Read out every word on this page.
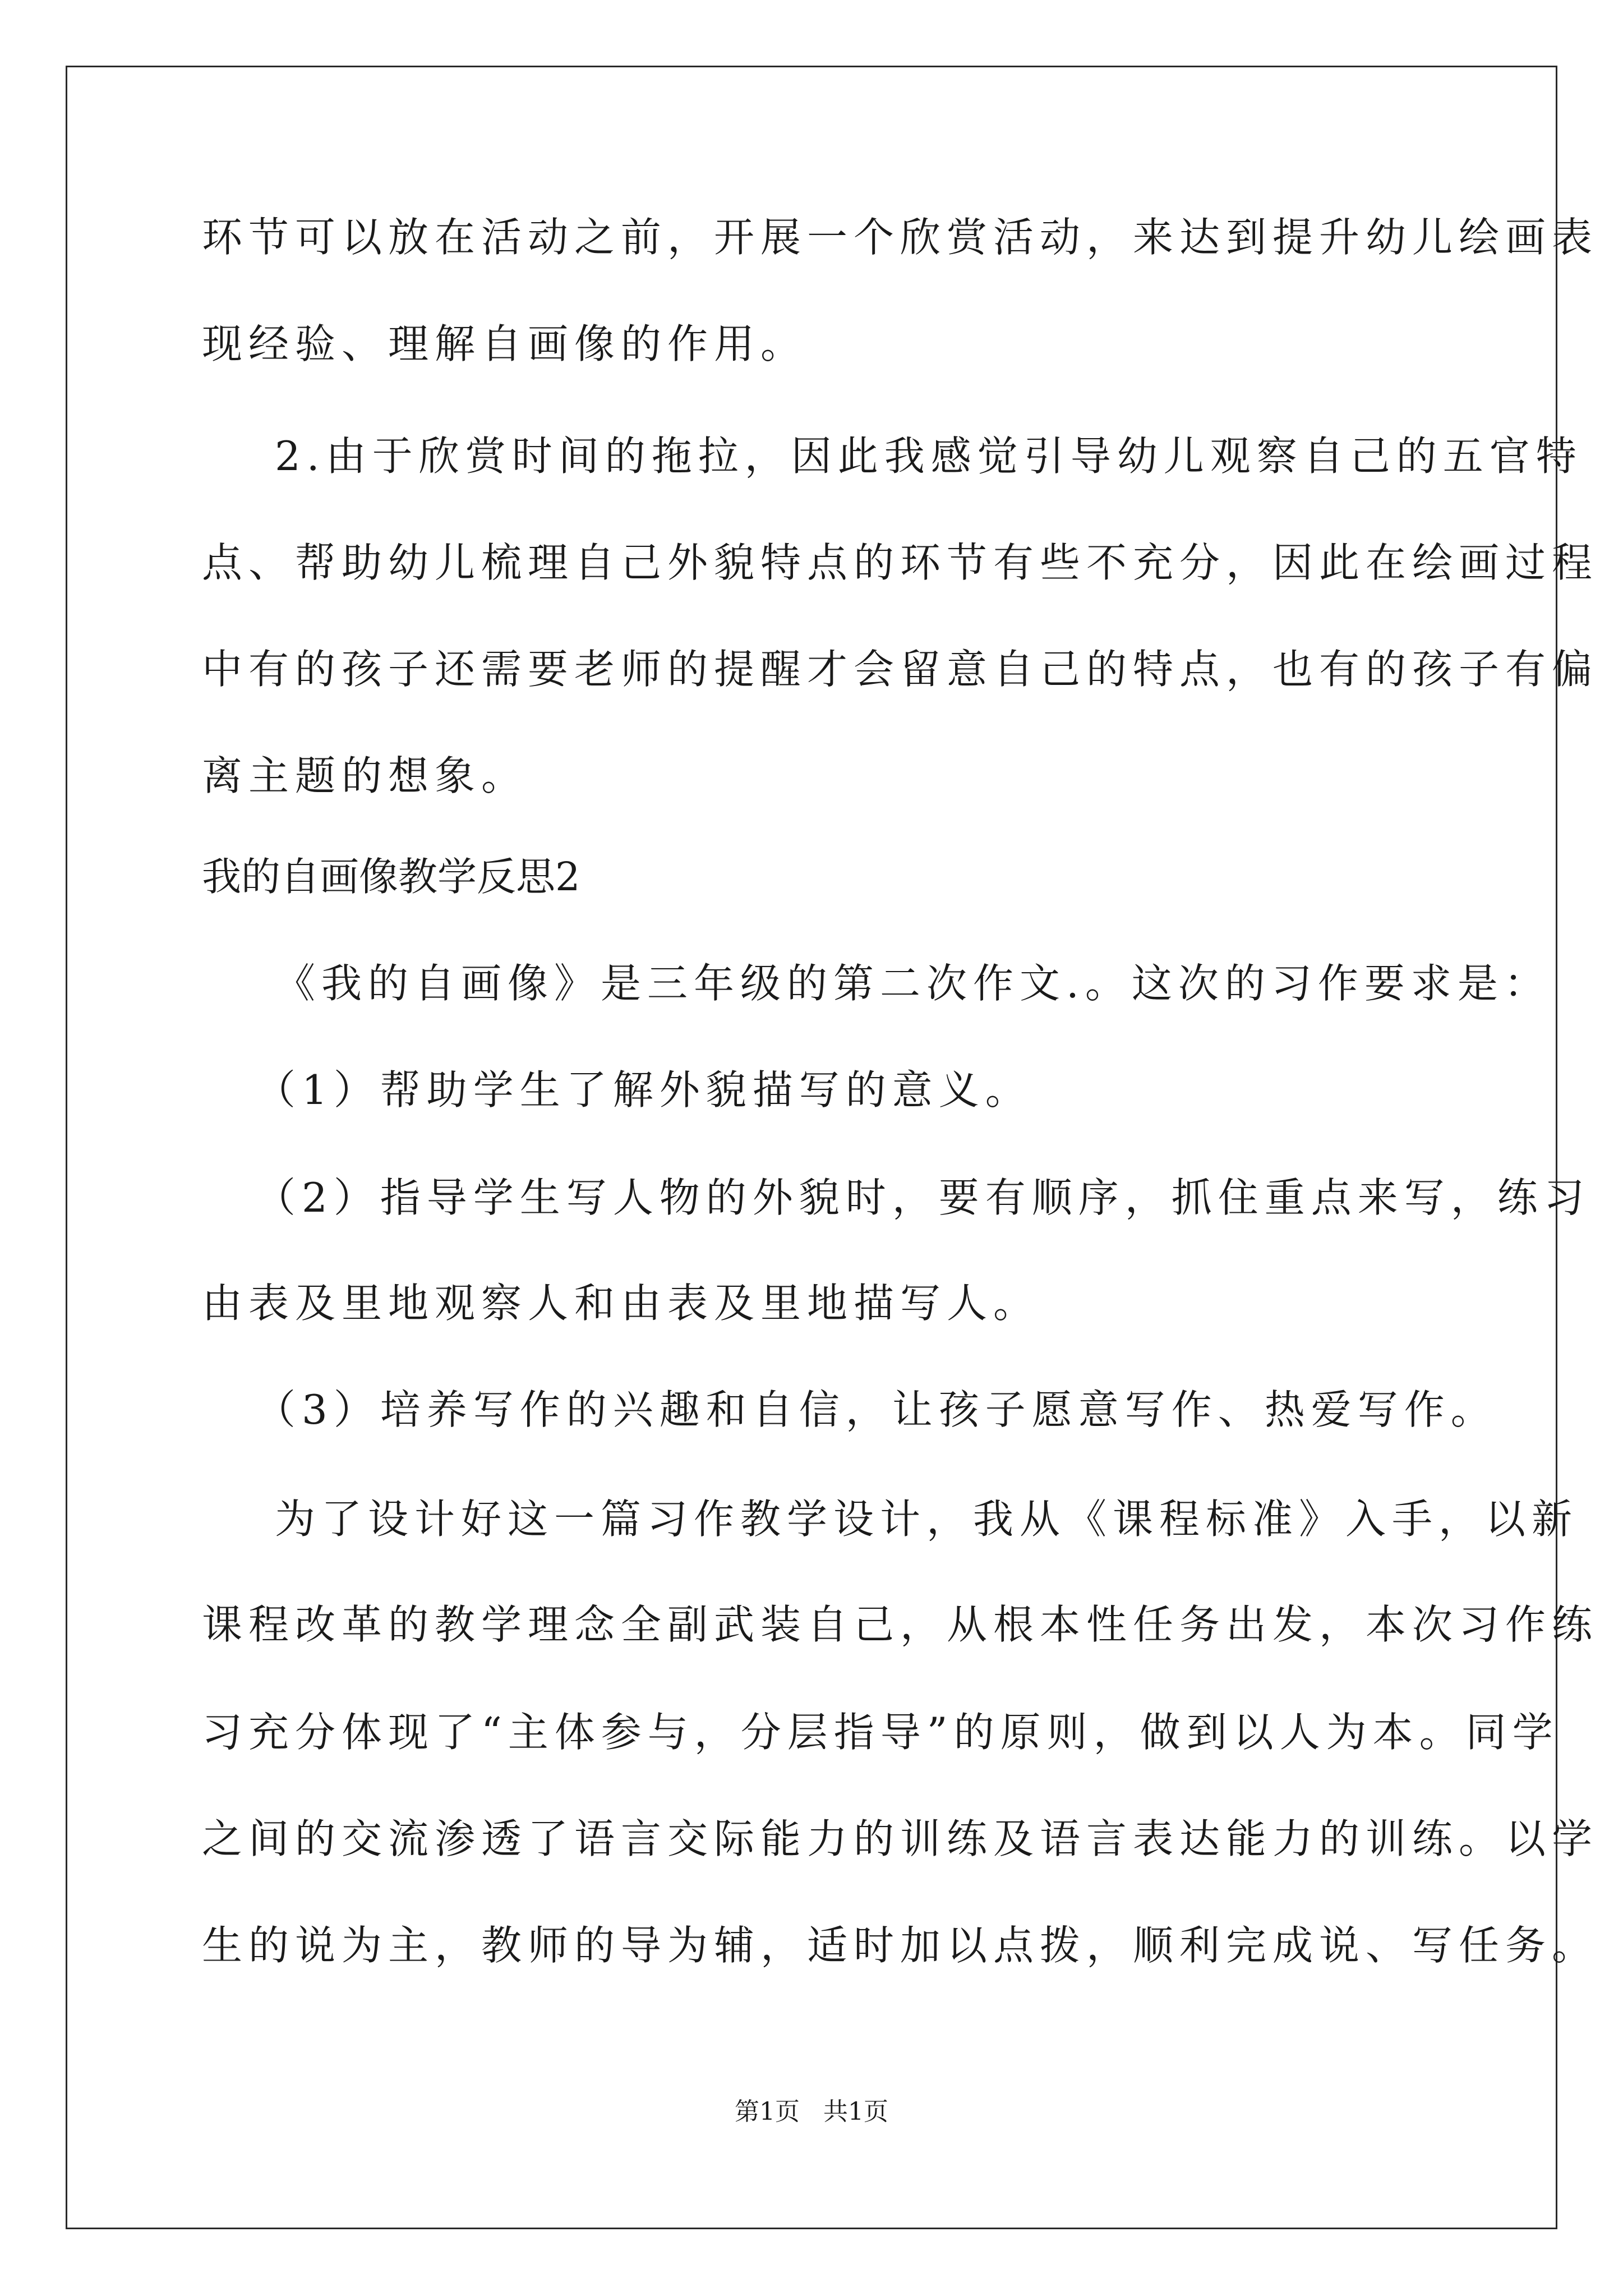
环节可以放在活动之前，开展一个欣赏活动，来达到提升幼儿绘画表
现经验、理解自画像的作用。
2.由于欣赏时间的拖拉，因此我感觉引导幼儿观察自己的五官特
点、帮助幼儿梳理自己外貌特点的环节有些不充分，因此在绘画过程
中有的孩子还需要老师的提醒才会留意自己的特点，也有的孩子有偏
离主题的想象。
我的自画像教学反思2
《我的自画像》是三年级的第二次作文.。这次的习作要求是：
（1）帮助学生了解外貌描写的意义。
（2）指导学生写人物的外貌时，要有顺序，抓住重点来写，练习
由表及里地观察人和由表及里地描写人。
（3）培养写作的兴趣和自信，让孩子愿意写作、热爱写作。
为了设计好这一篇习作教学设计，我从《课程标准》入手，以新
课程改革的教学理念全副武装自己，从根本性任务出发，本次习作练
习充分体现了“主体参与，分层指导”的原则，做到以人为本。同学
之间的交流渗透了语言交际能力的训练及语言表达能力的训练。以学
生的说为主，教师的导为辅，适时加以点拨，顺利完成说、写任务。
第1页   共1页
